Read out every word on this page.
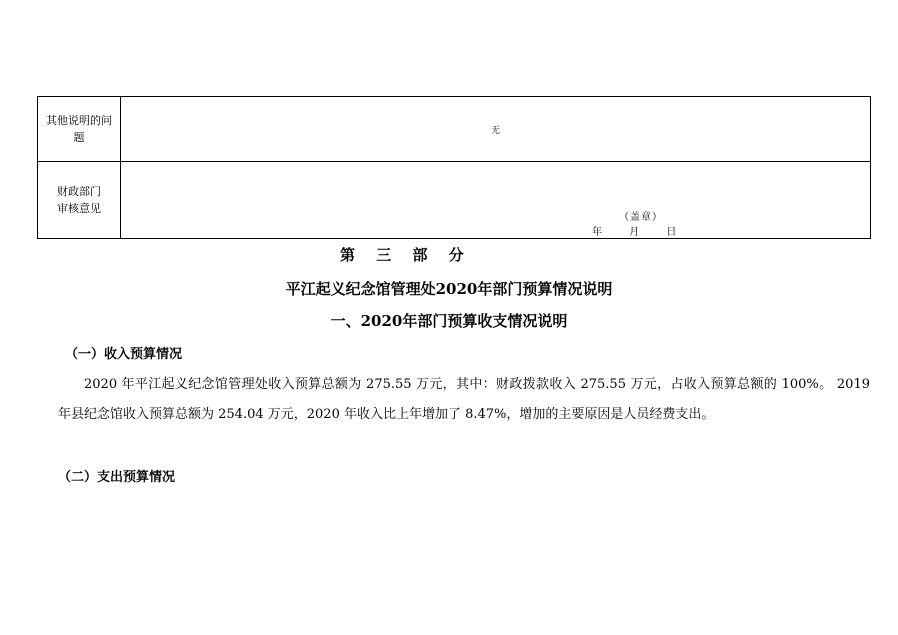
其他说明的问题	无

财政部门
审核意见	

（盖章）
年	月	日
第 三 部 分
平江起义纪念馆管理处2020年部门预算情况说明
一、2020年部门预算收支情况说明
（一）收入预算情况
2020 年平江起义纪念馆管理处收入预算总额为 275.55 万元，其中：财政拨款收入 275.55 万元，占收入预算总额的 100%。 2019 年县纪念馆收入预算总额为 254.04 万元，2020 年收入比上年增加了 8.47%，增加的主要原因是人员经费支出。
（二）支出预算情况
